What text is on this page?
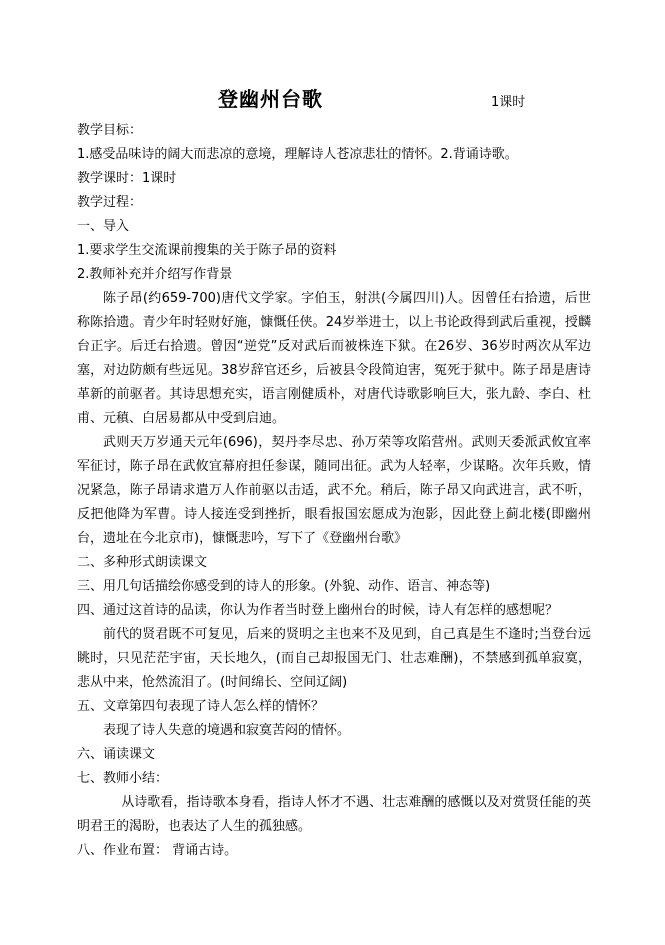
登幽州台歌	1课时
教学目标：
1.感受品味诗的阔大而悲凉的意境，理解诗人苍凉悲壮的情怀。2.背诵诗歌。
教学课时：1课时
教学过程：
一、导入
1.要求学生交流课前搜集的关于陈子昂的资料
2.教师补充并介绍写作背景

陈子昂(约659-700)唐代文学家。字伯玉，射洪(今属四川)人。因曾任右拾遗，后世称陈拾遗。青少年时轻财好施，慷慨任侠。24岁举进士，以上书论政得到武后重视，授麟台正字。后迁右拾遗。曾因“逆党”反对武后而被株连下狱。在26岁、36岁时两次从军边塞，对边防颇有些远见。38岁辞官还乡，后被县令段简迫害，冤死于狱中。陈子昂是唐诗革新的前驱者。其诗思想充实，语言刚健质朴，对唐代诗歌影响巨大，张九龄、李白、杜甫、元稹、白居易都从中受到启迪。

武则天万岁通天元年(696)，契丹李尽忠、孙万荣等攻陷营州。武则天委派武攸宜率军征讨，陈子昂在武攸宜幕府担任参谋，随同出征。武为人轻率，少谋略。次年兵败，情况紧急，陈子昂请求遣万人作前驱以击适，武不允。稍后，陈子昂又向武进言，武不听，反把他降为军曹。诗人接连受到挫折，眼看报国宏愿成为泡影，因此登上蓟北楼(即幽州台，遗址在今北京市)，慷慨悲吟，写下了《登幽州台歌》

二、多种形式朗读课文
三、用几句话描绘你感受到的诗人的形象。(外貌、动作、语言、神态等)
四、通过这首诗的品读，你认为作者当时登上幽州台的时候，诗人有怎样的感想呢？

前代的贤君既不可复见，后来的贤明之主也来不及见到，自己真是生不逢时;当登台远眺时，只见茫茫宇宙，天长地久，(而自己却报国无门、壮志难酬)，不禁感到孤单寂寞，悲从中来，怆然流泪了。(时间绵长、空间辽阔)

五、文章第四句表现了诗人怎么样的情怀？

表现了诗人失意的境遇和寂寞苦闷的情怀。

六、诵读课文
七、教师小结：

从诗歌看，指诗歌本身看，指诗人怀才不遇、壮志难酬的感慨以及对赏贤任能的英明君王的渴盼，也表达了人生的孤独感。

八、作业布置： 背诵古诗。
